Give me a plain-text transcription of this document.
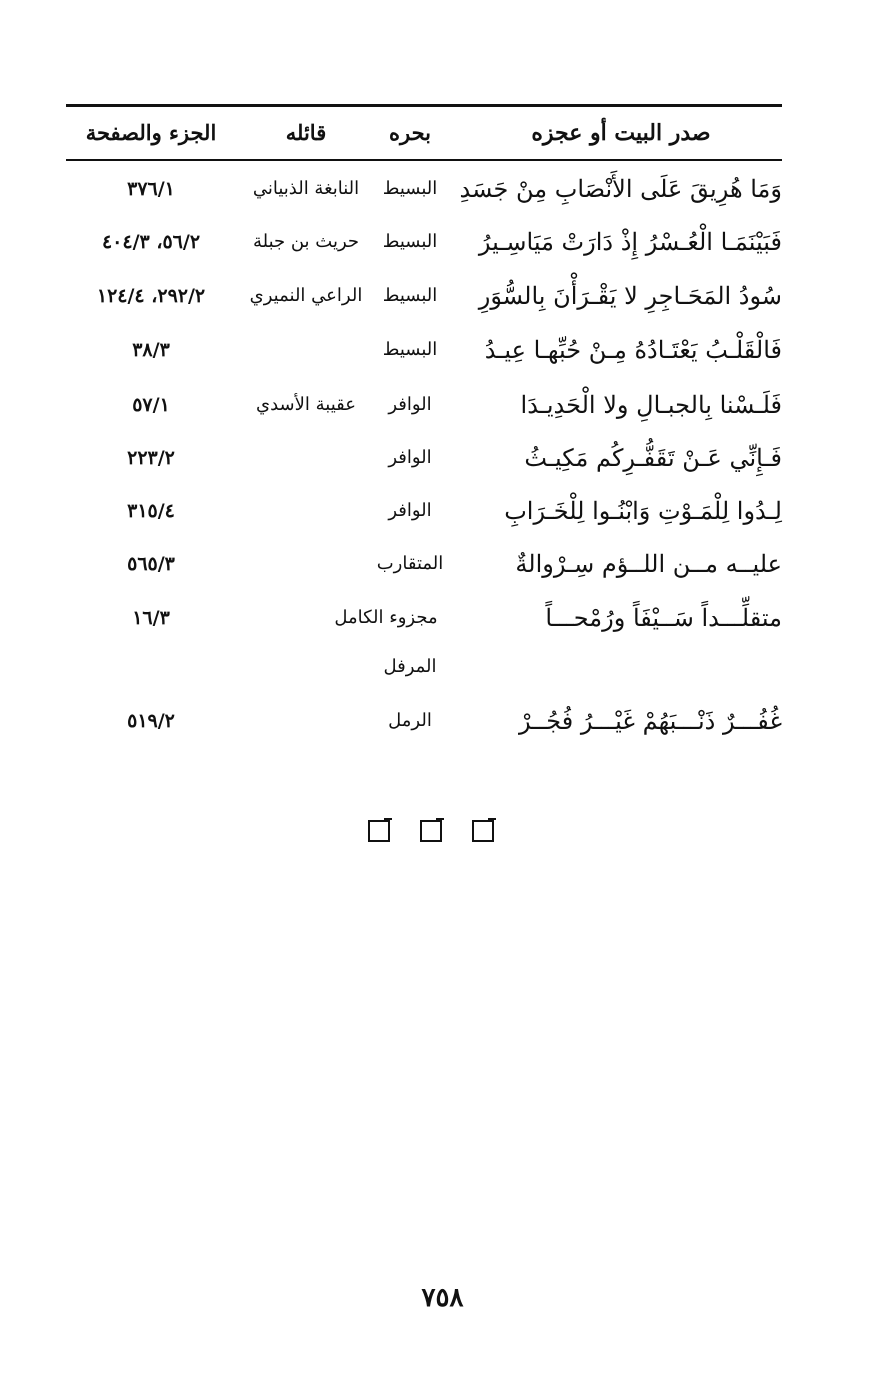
صدر البيت أو عجزه
بحره
قائله
الجزء والصفحة
وَمَا هُرِيقَ عَلَى الأَنْصَابِ مِنْ جَسَدِ
البسيط
النابغة الذبياني
٣٧٦/١
فَبَيْنَمَـا الْعُـسْرُ إِذْ دَارَتْ مَيَاسِـيرُ
البسيط
حريث بن جبلة
٥٦/٢، ٤٠٤/٣
سُودُ المَحَـاجِرِ لا يَقْـرَأْنَ بِالسُّوَرِ
البسيط
الراعي النميري
٢٩٢/٢، ١٢٤/٤
فَالْقَلْـبُ يَعْتَـادُهُ مِـنْ حُبِّهـا عِيـدُ
البسيط
٣٨/٣
فَلَـسْنا بِالجبـالِ ولا الْحَدِيـدَا
الوافر
عقيبة الأسدي
٥٧/١
فَـإِنِّي عَـنْ تَقَفُّـرِكُم مَكِيـثُ
الوافر
٢٢٣/٢
لِـدُوا لِلْمَـوْتِ وَابْنُـوا لِلْخَـرَابِ
الوافر
٣١٥/٤
عليــه مــن اللــؤم سِـرْوالةٌ
المتقارب
٥٦٥/٣
متقلِّـــداً سَــيْفَاً ورُمْحـــاً
مجزوء الكامل
١٦/٣
المرفل
غُفُـــرٌ ذَنْـــبَهُمْ غَيْـــرُ فُجُــرْ
الرمل
٥١٩/٢
٧٥٨
